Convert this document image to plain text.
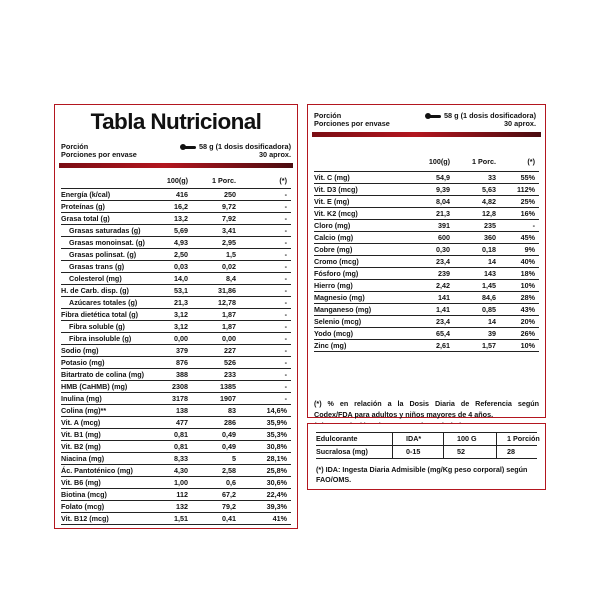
Tabla Nutricional
Porción
Porciones por envase
58 g (1 dosis dosificadora)
30 aprox.
100(g)	1 Porc.	(*)
Energía (k/cal)	416	250	-
Proteínas (g)	16,2	9,72	-
Grasa total (g)	13,2	7,92	-
Grasas saturadas (g)	5,69	3,41	-
Grasas monoinsat. (g)	4,93	2,95	-
Grasas polinsat. (g)	2,50	1,5	-
Grasas trans (g)	0,03	0,02	-
Colesterol (mg)	14,0	8,4	-
H. de Carb. disp. (g)	53,1	31,86	-
Azúcares totales (g)	21,3	12,78	-
Fibra dietética total (g)	3,12	1,87	-
Fibra soluble (g)	3,12	1,87	-
Fibra insoluble (g)	0,00	0,00	-
Sodio (mg)	379	227	-
Potasio (mg)	876	526	-
Bitartrato de colina (mg)	388	233	-
HMB (CaHMB) (mg)	2308	1385	-
Inulina (mg)	3178	1907	-
Colina (mg)**	138	83	14,6%
Vit. A (mcg)	477	286	35,9%
Vit. B1 (mg)	0,81	0,49	35,3%
Vit. B2 (mg)	0,81	0,49	30,8%
Niacina (mg)	8,33	5	28,1%
Ác. Pantoténico (mg)	4,30	2,58	25,8%
Vit. B6 (mg)	1,00	0,6	30,6%
Biotina (mcg)	112	67,2	22,4%
Folato (mcg)	132	79,2	39,3%
Vit. B12 (mcg)	1,51	0,41	41%
Porción
Porciones por envase
58 g (1 dosis dosificadora)
30 aprox.
100(g)	1 Porc.	(*)
Vit. C (mg)	54,9	33	55%
Vit. D3 (mcg)	9,39	5,63	112%
Vit. E (mg)	8,04	4,82	25%
Vit. K2 (mcg)	21,3	12,8	16%
Cloro (mg)	391	235	-
Calcio (mg)	600	360	45%
Cobre (mg)	0,30	0,18	9%
Cromo (mcg)	23,4	14	40%
Fósforo (mg)	239	143	18%
Hierro (mg)	2,42	1,45	10%
Magnesio (mg)	141	84,6	28%
Manganeso (mg)	1,41	0,85	43%
Selenio (mcg)	23,4	14	20%
Yodo (mcg)	65,4	39	26%
Zinc (mg)	2,61	1,57	10%

(*) % en relación a la Dosis Diaria de Referencia según Codex/FDA para adultos y niños mayores de 4 años.

Edulcorante	IDA*	100 G	1 Porción
Sucralosa (mg)	0-15	52	28
(*) IDA: Ingesta Diaria Admisible (mg/Kg peso corporal) según FAO/OMS.
